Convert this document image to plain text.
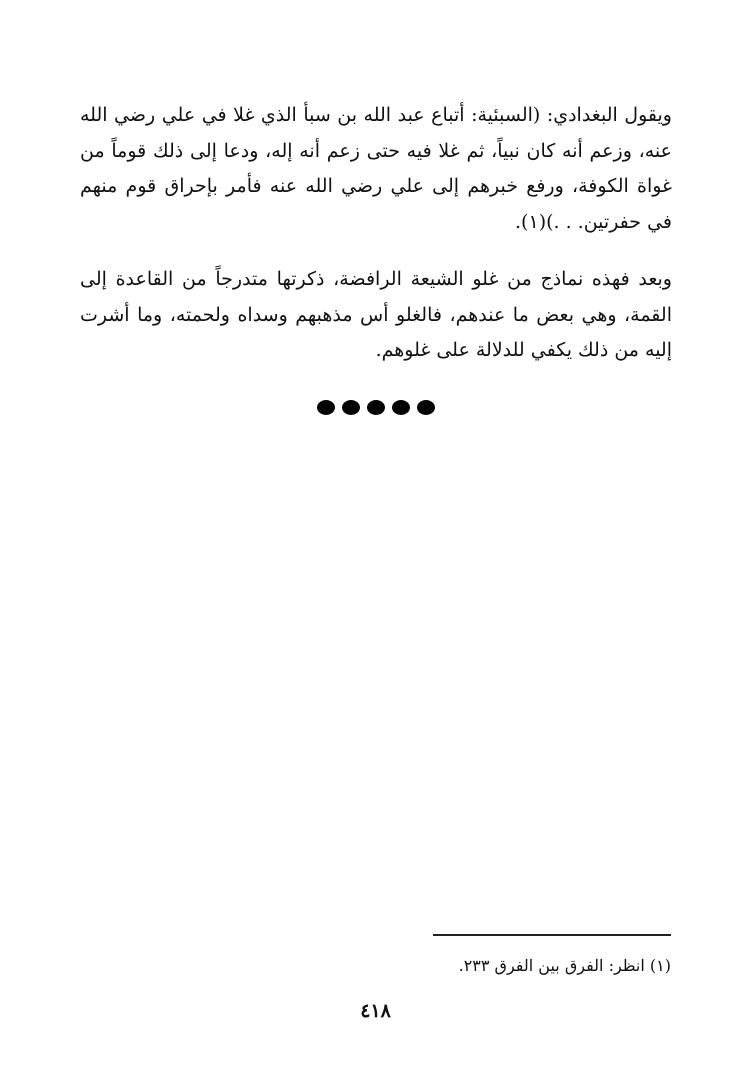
ويقول البغدادي: (السبئية: أتباع عبد الله بن سبأ الذي غلا في علي رضي الله عنه، وزعم أنه كان نبياً، ثم غلا فيه حتى زعم أنه إله، ودعا إلى ذلك قوماً من غواة الكوفة، ورفع خبرهم إلى علي رضي الله عنه فأمر بإحراق قوم منهم في حفرتين. . .)(١).

وبعد فهذه نماذج من غلو الشيعة الرافضة، ذكرتها متدرجاً من القاعدة إلى القمة، وهي بعض ما عندهم، فالغلو أس مذهبهم وسداه ولحمته، وما أشرت إليه من ذلك يكفي للدلالة على غلوهم.

(١) انظر: الفرق بين الفرق ٢٣٣.

٤١٨
